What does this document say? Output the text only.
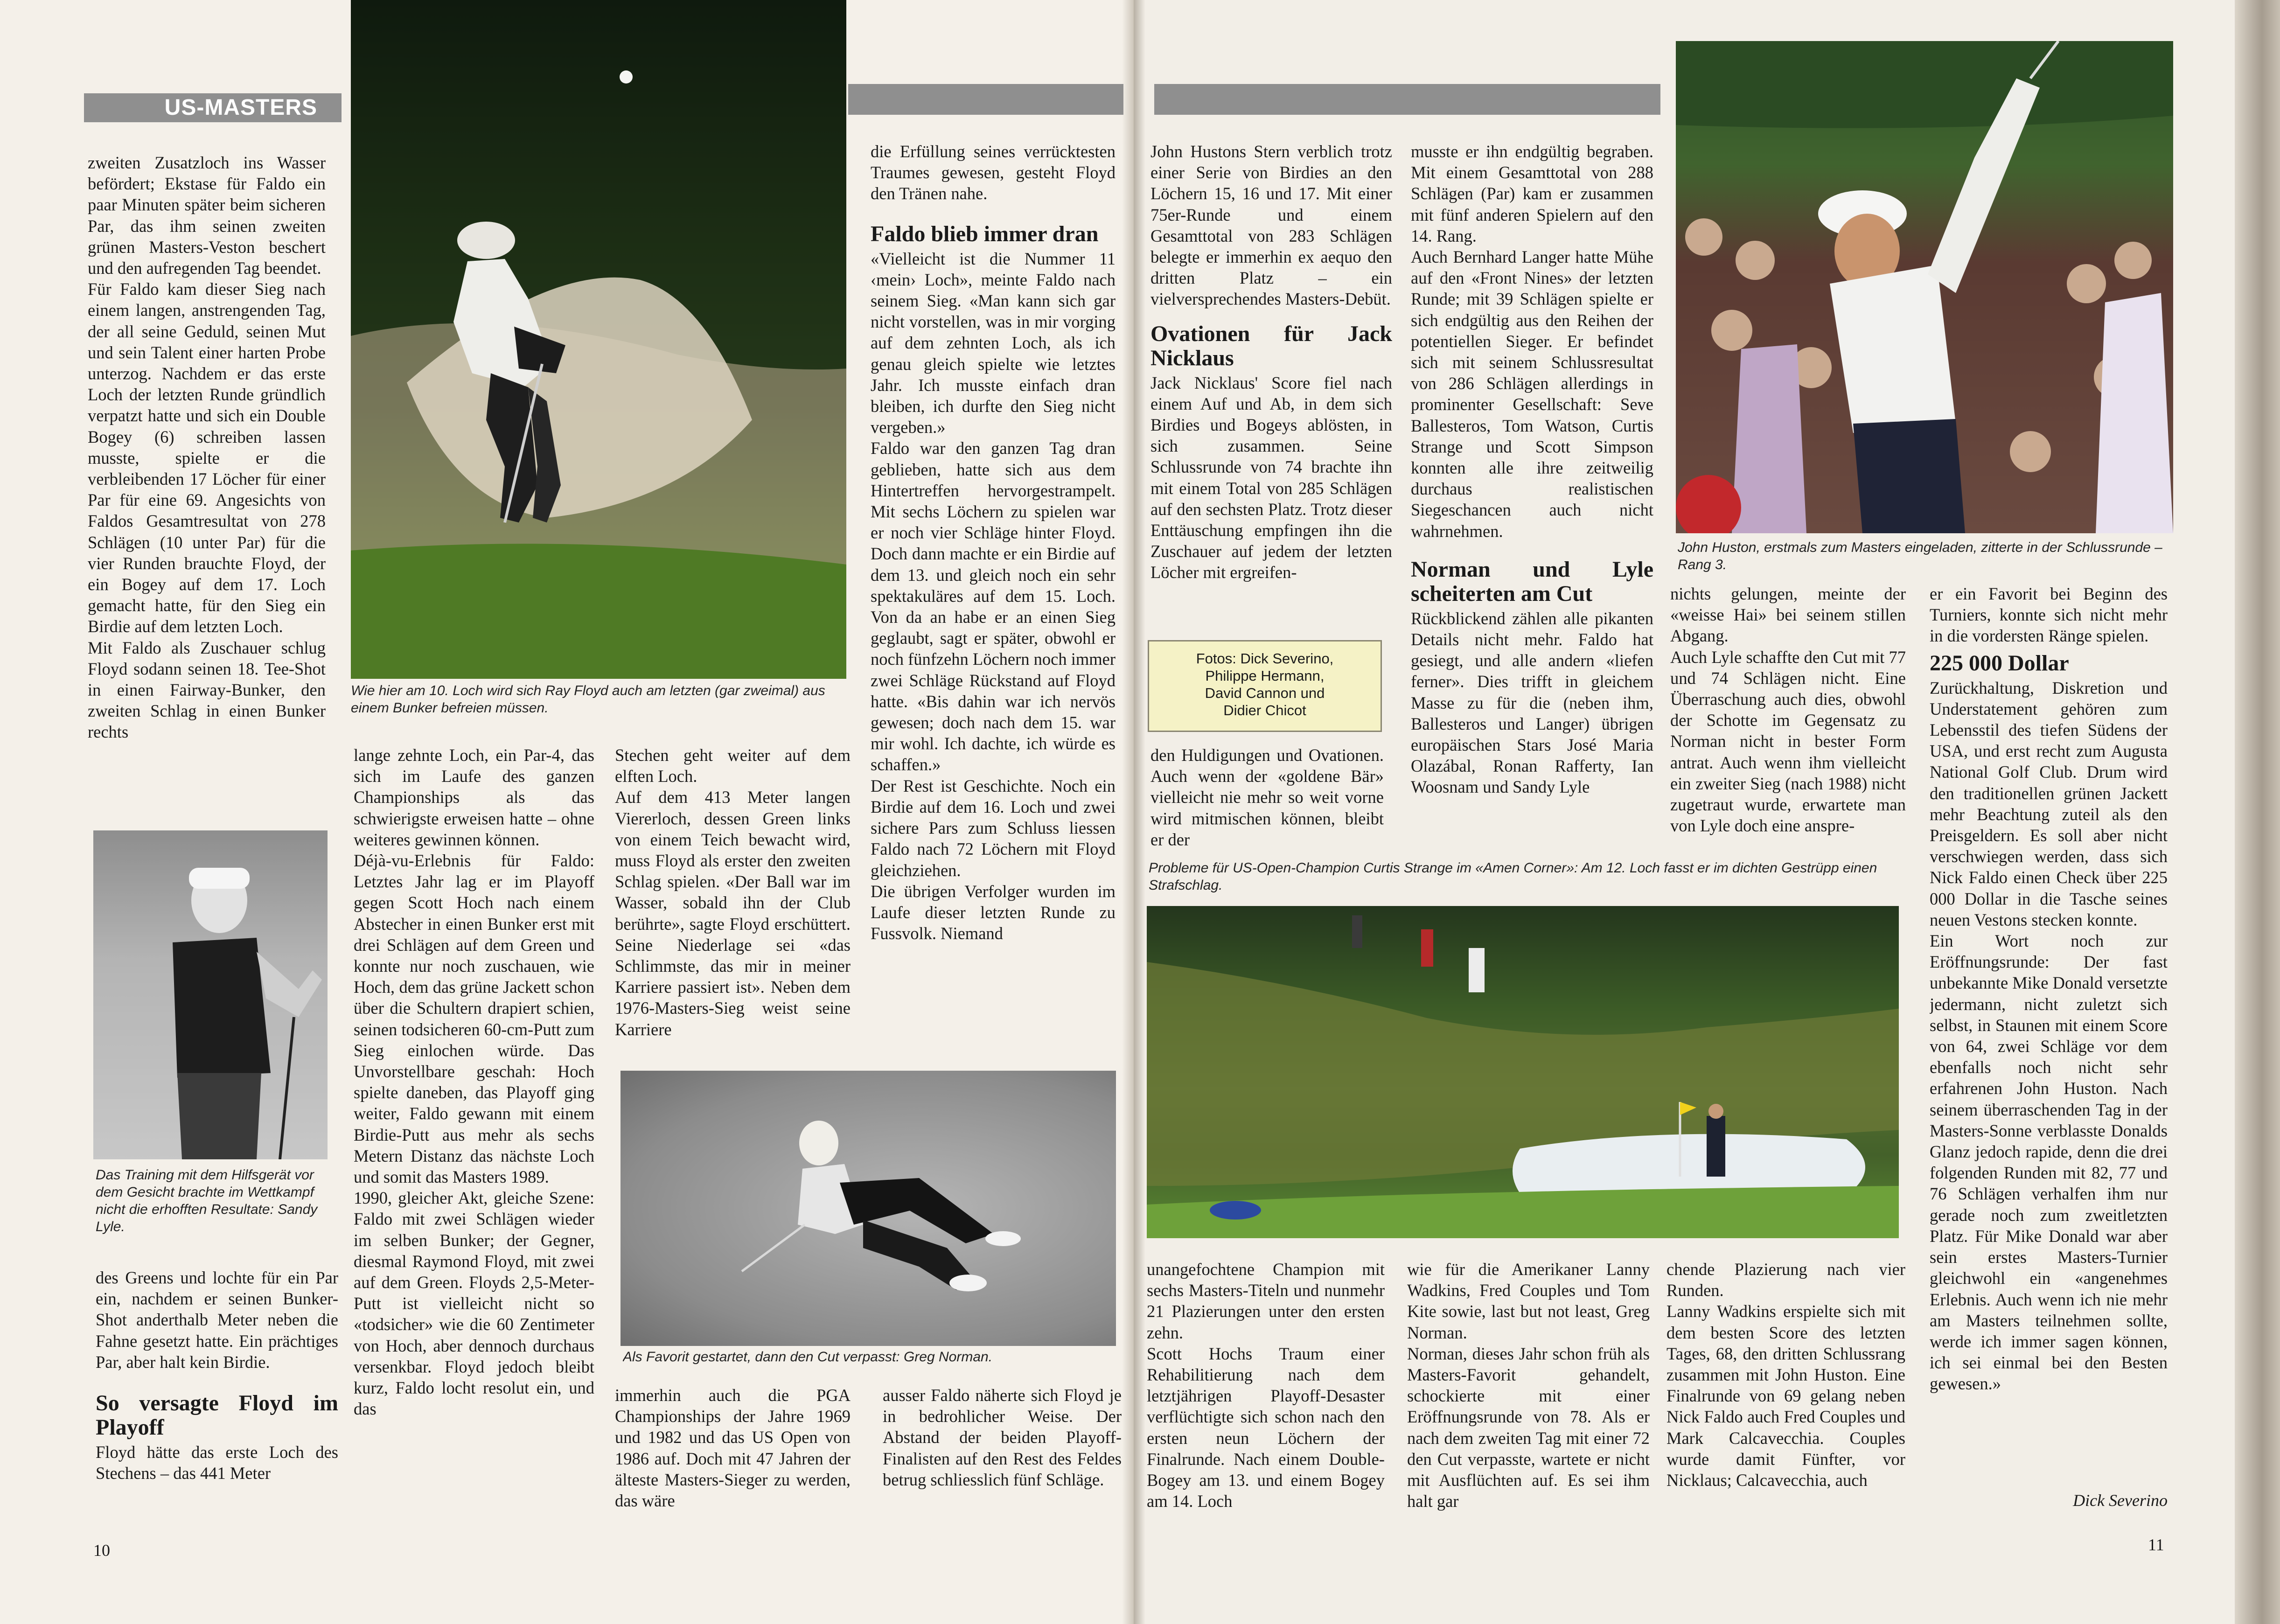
US-MASTERS
Wie hier am 10. Loch wird sich Ray Floyd auch am letzten (gar zweimal) aus einem Bunker befreien müssen.
Das Training mit dem Hilfsgerät vor dem Gesicht brachte im Wettkampf nicht die erhofften Resultate: Sandy Lyle.
Als Favorit gestartet, dann den Cut verpasst: Greg Norman.
Fotos: Dick Severino,
Philippe Hermann,
David Cannon und
Didier Chicot
John Huston, erstmals zum Masters eingeladen, zitterte in der Schlussrunde – Rang 3.
Probleme für US-Open-Champion Curtis Strange im «Amen Corner»: Am 12. Loch fasst er im dichten Gestrüpp einen Strafschlag.

zweiten Zusatzloch ins Wasser befördert; Ekstase für Faldo ein paar Minuten später beim sicheren Par, das ihm seinen zweiten grünen Masters-Veston beschert und den aufregenden Tag beendet.

Für Faldo kam dieser Sieg nach einem langen, anstrengenden Tag, der all seine Geduld, seinen Mut und sein Talent einer harten Probe unterzog. Nachdem er das erste Loch der letzten Runde gründlich verpatzt hatte und sich ein Double Bogey (6) schreiben lassen musste, spielte er die verbleibenden 17 Löcher für einer Par für eine 69. Angesichts von Faldos Gesamtresultat von 278 Schlägen (10 unter Par) für die vier Runden brauchte Floyd, der ein Bogey auf dem 17. Loch gemacht hatte, für den Sieg ein Birdie auf dem letzten Loch.

Mit Faldo als Zuschauer schlug Floyd sodann seinen 18. Tee-Shot in einen Fairway-Bunker, den zweiten Schlag in einen Bunker rechts

des Greens und lochte für ein Par ein, nachdem er seinen Bunker-Shot anderthalb Meter neben die Fahne gesetzt hatte. Ein prächtiges Par, aber halt kein Birdie.

So versagte Floyd im Playoff

Floyd hätte das erste Loch des Stechens – das 441 Meter

lange zehnte Loch, ein Par-4, das sich im Laufe des ganzen Championships als das schwierigste erweisen hatte – ohne weiteres gewinnen können.

Déjà-vu-Erlebnis für Faldo: Letztes Jahr lag er im Playoff gegen Scott Hoch nach einem Abstecher in einen Bunker erst mit drei Schlägen auf dem Green und konnte nur noch zuschauen, wie Hoch, dem das grüne Jackett schon über die Schultern drapiert schien, seinen todsicheren 60-cm-Putt zum Sieg einlochen würde. Das Unvorstellbare geschah: Hoch spielte daneben, das Playoff ging weiter, Faldo gewann mit einem Birdie-Putt aus mehr als sechs Metern Distanz das nächste Loch und somit das Masters 1989.

1990, gleicher Akt, gleiche Szene: Faldo mit zwei Schlägen wieder im selben Bunker; der Gegner, diesmal Raymond Floyd, mit zwei auf dem Green. Floyds 2,5-Meter-Putt ist vielleicht nicht so «todsicher» wie die 60 Zentimeter von Hoch, aber dennoch durchaus versenkbar. Floyd jedoch bleibt kurz, Faldo locht resolut ein, und das

Stechen geht weiter auf dem elften Loch.

Auf dem 413 Meter langen Viererloch, dessen Green links von einem Teich bewacht wird, muss Floyd als erster den zweiten Schlag spielen. «Der Ball war im Wasser, sobald ihn der Club berührte», sagte Floyd erschüttert. Seine Niederlage sei «das Schlimmste, das mir in meiner Karriere passiert ist». Neben dem 1976-Masters-Sieg weist seine Karriere

immerhin auch die PGA Championships der Jahre 1969 und 1982 und das US Open von 1986 auf. Doch mit 47 Jahren der älteste Masters-Sieger zu werden, das wäre

die Erfüllung seines verrücktesten Traumes gewesen, gesteht Floyd den Tränen nahe.

Faldo blieb immer dran

«Vielleicht ist die Nummer 11 ‹mein› Loch», meinte Faldo nach seinem Sieg. «Man kann sich gar nicht vorstellen, was in mir vorging auf dem zehnten Loch, als ich genau gleich spielte wie letztes Jahr. Ich musste einfach dran bleiben, ich durfte den Sieg nicht vergeben.»

Faldo war den ganzen Tag dran geblieben, hatte sich aus dem Hintertreffen hervorgestrampelt. Mit sechs Löchern zu spielen war er noch vier Schläge hinter Floyd. Doch dann machte er ein Birdie auf dem 13. und gleich noch ein sehr spektakuläres auf dem 15. Loch. Von da an habe er an einen Sieg geglaubt, sagt er später, obwohl er noch fünfzehn Löchern noch immer zwei Schläge Rückstand auf Floyd hatte. «Bis dahin war ich nervös gewesen; doch nach dem 15. war mir wohl. Ich dachte, ich würde es schaffen.»

Der Rest ist Geschichte. Noch ein Birdie auf dem 16. Loch und zwei sichere Pars zum Schluss liessen Faldo nach 72 Löchern mit Floyd gleichziehen.

Die übrigen Verfolger wurden im Laufe dieser letzten Runde zu Fussvolk. Niemand

ausser Faldo näherte sich Floyd je in bedrohlicher Weise. Der Abstand der beiden Playoff-Finalisten auf den Rest des Feldes betrug schliesslich fünf Schläge.

John Hustons Stern verblich trotz einer Serie von Birdies an den Löchern 15, 16 und 17. Mit einer 75er-Runde und einem Gesamttotal von 283 Schlägen belegte er immerhin ex aequo den dritten Platz – ein vielversprechendes Masters-Debüt.

Ovationen für Jack Nicklaus

Jack Nicklaus' Score fiel nach einem Auf und Ab, in dem sich Birdies und Bogeys ablösten, in sich zusammen. Seine Schlussrunde von 74 brachte ihn mit einem Total von 285 Schlägen auf den sechsten Platz. Trotz dieser Enttäuschung empfingen ihn die Zuschauer auf jedem der letzten Löcher mit ergreifen-

den Huldigungen und Ovationen. Auch wenn der «goldene Bär» vielleicht nie mehr so weit vorne wird mitmischen können, bleibt er der

unangefochtene Champion mit sechs Masters-Titeln und nunmehr 21 Plazierungen unter den ersten zehn.

Scott Hochs Traum einer Rehabilitierung nach dem letztjährigen Playoff-Desaster verflüchtigte sich schon nach den ersten neun Löchern der Finalrunde. Nach einem Double-Bogey am 13. und einem Bogey am 14. Loch

musste er ihn endgültig begraben. Mit einem Gesamttotal von 288 Schlägen (Par) kam er zusammen mit fünf anderen Spielern auf den 14. Rang.

Auch Bernhard Langer hatte Mühe auf den «Front Nines» der letzten Runde; mit 39 Schlägen spielte er sich endgültig aus den Reihen der potentiellen Sieger. Er befindet sich mit seinem Schlussresultat von 286 Schlägen allerdings in prominenter Gesellschaft: Seve Ballesteros, Tom Watson, Curtis Strange und Scott Simpson konnten alle ihre zeitweilig durchaus realistischen Siegeschancen auch nicht wahrnehmen.

Norman und Lyle scheiterten am Cut

Rückblickend zählen alle pikanten Details nicht mehr. Faldo hat gesiegt, und alle andern «liefen ferner». Dies trifft in gleichem Masse zu für die (neben ihm, Ballesteros und Langer) übrigen europäischen Stars José Maria Olazábal, Ronan Rafferty, Ian Woosnam und Sandy Lyle

wie für die Amerikaner Lanny Wadkins, Fred Couples und Tom Kite sowie, last but not least, Greg Norman.

Norman, dieses Jahr schon früh als Masters-Favorit gehandelt, schockierte mit einer Eröffnungsrunde von 78. Als er nach dem zweiten Tag mit einer 72 den Cut verpasste, wartete er nicht mit Ausflüchten auf. Es sei ihm halt gar

nichts gelungen, meinte der «weisse Hai» bei seinem stillen Abgang.

Auch Lyle schaffte den Cut mit 77 und 74 Schlägen nicht. Eine Überraschung auch dies, obwohl der Schotte im Gegensatz zu Norman nicht in bester Form antrat. Auch wenn ihm vielleicht ein zweiter Sieg (nach 1988) nicht zugetraut wurde, erwartete man von Lyle doch eine anspre-

chende Plazierung nach vier Runden.

Lanny Wadkins erspielte sich mit dem besten Score des letzten Tages, 68, den dritten Schlussrang zusammen mit John Huston. Eine Finalrunde von 69 gelang neben Nick Faldo auch Fred Couples und Mark Calcavecchia. Couples wurde damit Fünfter, vor Nicklaus; Calcavecchia, auch

er ein Favorit bei Beginn des Turniers, konnte sich nicht mehr in die vordersten Ränge spielen.

225 000 Dollar

Zurückhaltung, Diskretion und Understatement gehören zum Lebensstil des tiefen Südens der USA, und erst recht zum Augusta National Golf Club. Drum wird den traditionellen grünen Jackett mehr Beachtung zuteil als den Preisgeldern. Es soll aber nicht verschwiegen werden, dass sich Nick Faldo einen Check über 225 000 Dollar in die Tasche seines neuen Vestons stecken konnte.

Ein Wort noch zur Eröffnungsrunde: Der fast unbekannte Mike Donald versetzte jedermann, nicht zuletzt sich selbst, in Staunen mit einem Score von 64, zwei Schläge vor dem ebenfalls noch nicht sehr erfahrenen John Huston. Nach seinem überraschenden Tag in der Masters-Sonne verblasste Donalds Glanz jedoch rapide, denn die drei folgenden Runden mit 82, 77 und 76 Schlägen verhalfen ihm nur gerade noch zum zweitletzten Platz. Für Mike Donald war aber sein erstes Masters-Turnier gleichwohl ein «angenehmes Erlebnis. Auch wenn ich nie mehr am Masters teilnehmen sollte, werde ich immer sagen können, ich sei einmal bei den Besten gewesen.»

Dick Severino
10	11
